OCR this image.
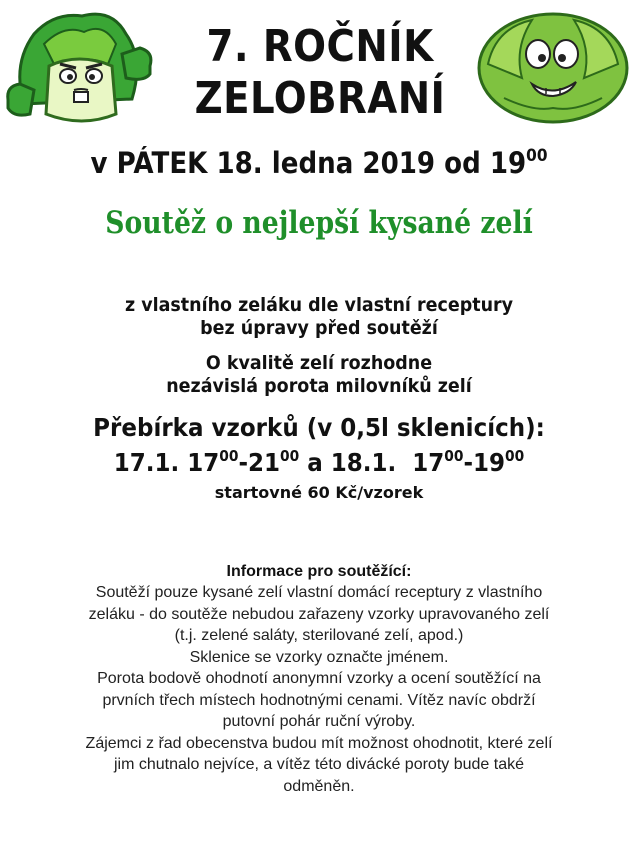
7. ROČNÍK
ZELOBRANÍ
v PÁTEK 18. ledna 2019 od $19^{00}$
Soutěž o nejlepší kysané zelí
z vlastního zeláku dle vlastní receptury
bez úpravy před soutěží
O kvalitě zelí rozhodne
nezávislá porota milovníků zelí
Přebírka vzorků (v 0,5l sklenicích):
17.1. $17^{00}-21^{00}$ a 18.1.  $17^{00}-19^{00}$
startovné 60 Kč/vzorek
Informace pro soutěžící:
Soutěží pouze kysané zelí vlastní domácí receptury z vlastního
zeláku - do soutěže nebudou zařazeny vzorky upravovaného zelí
(t.j. zelené saláty, sterilované zelí, apod.)
Sklenice se vzorky označte jménem.
Porota bodově ohodnotí anonymní vzorky a ocení soutěžící na
prvních třech místech hodnotnými cenami. Vítěz navíc obdrží
putovní pohár ruční výroby.
Zájemci z řad obecenstva budou mít možnost ohodnotit, které zelí
jim chutnalo nejvíce, a vítěz této divácké poroty bude také
odměněn.
